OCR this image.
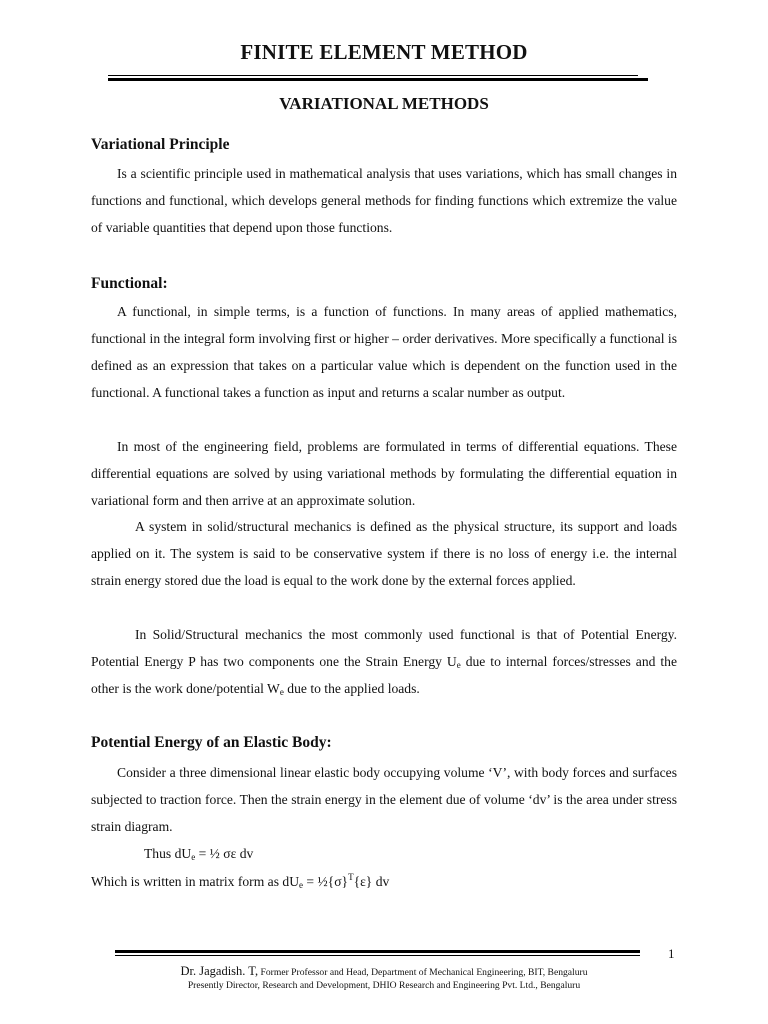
FINITE ELEMENT METHOD
VARIATIONAL METHODS
Variational Principle
Is a scientific principle used in mathematical analysis that uses variations, which has small changes in functions and functional, which develops general methods for finding functions which extremize the value of variable quantities that depend upon those functions.
Functional:
A functional, in simple terms, is a function of functions. In many areas of applied mathematics, functional in the integral form involving first or higher – order derivatives. More specifically a functional is defined as an expression that takes on a particular value which is dependent on the function used in the functional. A functional takes a function as input and returns a scalar number as output.
In most of the engineering field, problems are formulated in terms of differential equations. These differential equations are solved by using variational methods by formulating the differential equation in variational form and then arrive at an approximate solution.
A system in solid/structural mechanics is defined as the physical structure, its support and loads applied on it. The system is said to be conservative system if there is no loss of energy i.e. the internal strain energy stored due the load is equal to the work done by the external forces applied.
In Solid/Structural mechanics the most commonly used functional is that of Potential Energy. Potential Energy P has two components one the Strain Energy $U_e$ due to internal forces/stresses and the other is the work done/potential $W_e$ due to the applied loads.
Potential Energy of an Elastic Body:
Consider a three dimensional linear elastic body occupying volume ‘V’, with body forces and surfaces subjected to traction force. Then the strain energy in the element due of volume ‘dv’ is the area under stress strain diagram.
Thus $dU_e$ = ½ σε dv
Which is written in matrix form as $dU_e$ = $\frac{1}{2}\{\sigma\}^T\{\varepsilon\}$ dv
1
Dr. Jagadish. T, Former Professor and Head, Department of Mechanical Engineering, BIT, Bengaluru
Presently Director, Research and Development, DHIO Research and Engineering Pvt. Ltd., Bengaluru
